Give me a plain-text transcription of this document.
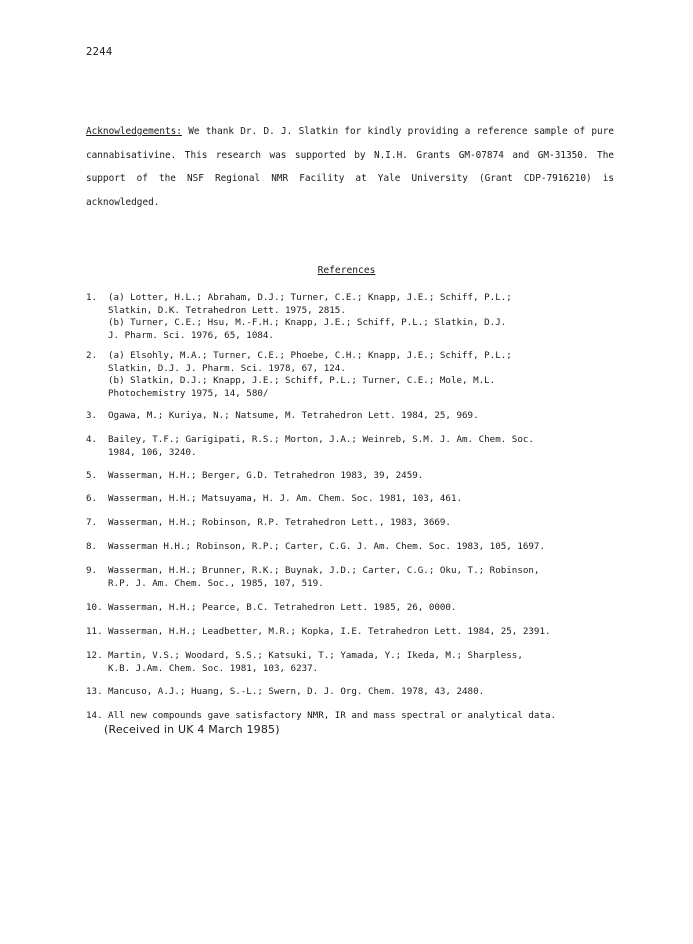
2244
Acknowledgements: We thank Dr. D. J. Slatkin for kindly providing a reference sample of pure cannabisativine. This research was supported by N.I.H. Grants GM-07874 and GM-31350. The support of the NSF Regional NMR Facility at Yale University (Grant CDP-7916210) is acknowledged.
References
1.	(a) Lotter, H.L.; Abraham, D.J.; Turner, C.E.; Knapp, J.E.; Schiff, P.L.;
Slatkin, D.K. Tetrahedron Lett. 1975, 2815.
(b) Turner, C.E.; Hsu, M.-F.H.; Knapp, J.E.; Schiff, P.L.; Slatkin, D.J.
J. Pharm. Sci. 1976, 65, 1084.
2.	(a) Elsohly, M.A.; Turner, C.E.; Phoebe, C.H.; Knapp, J.E.; Schiff, P.L.;
Slatkin, D.J. J. Pharm. Sci. 1978, 67, 124.
(b) Slatkin, D.J.; Knapp, J.E.; Schiff, P.L.; Turner, C.E.; Mole, M.L.
Photochemistry 1975, 14, 580/
3.	Ogawa, M.; Kuriya, N.; Natsume, M. Tetrahedron Lett. 1984, 25, 969.
4.	Bailey, T.F.; Garigipati, R.S.; Morton, J.A.; Weinreb, S.M. J. Am. Chem. Soc.
1984, 106, 3240.
5.	Wasserman, H.H.; Berger, G.D. Tetrahedron 1983, 39, 2459.
6.	Wasserman, H.H.; Matsuyama, H. J. Am. Chem. Soc. 1981, 103, 461.
7.	Wasserman, H.H.; Robinson, R.P. Tetrahedron Lett., 1983, 3669.
8.	Wasserman H.H.; Robinson, R.P.; Carter, C.G. J. Am. Chem. Soc. 1983, 105, 1697.
9.	Wasserman, H.H.; Brunner, R.K.; Buynak, J.D.; Carter, C.G.; Oku, T.; Robinson,
R.P. J. Am. Chem. Soc., 1985, 107, 519.
10. Wasserman, H.H.; Pearce, B.C. Tetrahedron Lett. 1985, 26, 0000.
11. Wasserman, H.H.; Leadbetter, M.R.; Kopka, I.E. Tetrahedron Lett. 1984, 25, 2391.
12. Martin, V.S.; Woodard, S.S.; Katsuki, T.; Yamada, Y.; Ikeda, M.; Sharpless,
K.B. J.Am. Chem. Soc. 1981, 103, 6237.
13. Mancuso, A.J.; Huang, S.-L.; Swern, D. J. Org. Chem. 1978, 43, 2480.
14. All new compounds gave satisfactory NMR, IR and mass spectral or analytical data.
(Received in UK 4 March 1985)
